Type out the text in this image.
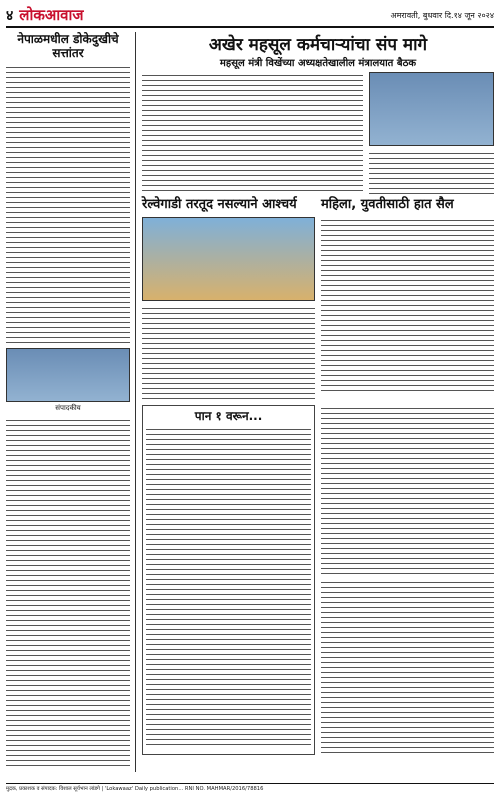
४ लोकआवाज	अमरावती, बुधवार दि.१४ जून २०२४
नेपाळमधील डोकेदुखीचे सत्तांतर
संपादकीय
अखेर महसूल कर्मचाऱ्यांचा संप मागे
महसूल मंत्री विखेंच्या अध्यक्षतेखालील मंत्रालयात बैठक
रेल्वेगाडी तरतूद नसल्याने आश्चर्य	महिला, युवतीसाठी हात सैल
पान १ वरून...
मुद्रक, प्रकाशक व संपादक: विशाल सूर्यभान लांडगे | 'Lokawaaz' Daily publication... RNI NO. MAHMAR/2016/78816
